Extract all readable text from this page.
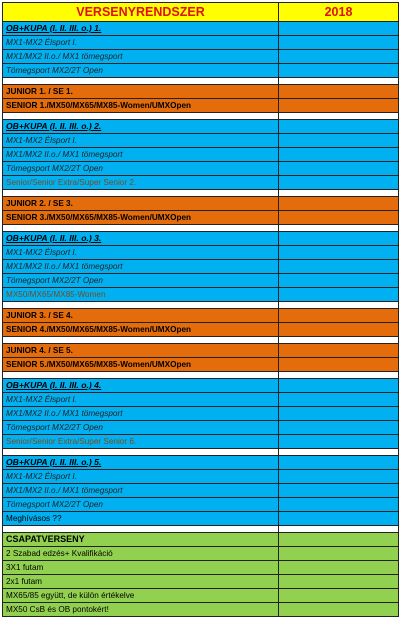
VERSENYRENDSZER	2018
OB+KUPA (I. II. III. o.) 1.	
MX1-MX2 Élsport I.	
MX1/MX2 II.o./ MX1 tömegsport	
Tömegsport MX2/2T Open	

JUNIOR 1. / SE 1.	
SENIOR 1./MX50/MX65/MX85-Women/UMXOpen	

OB+KUPA (I. II. III. o.) 2.	
MX1-MX2 Élsport I.	
MX1/MX2 II.o./ MX1 tömegsport	
Tömegsport MX2/2T Open	
Senior/Senior Extra/Super Senior 2.	

JUNIOR 2. / SE 3.	
SENIOR 3./MX50/MX65/MX85-Women/UMXOpen	

OB+KUPA (I. II. III. o.) 3.	
MX1-MX2 Élsport I.	
MX1/MX2 II.o./ MX1 tömegsport	
Tömegsport MX2/2T Open	
MX50/MX65/MX85-Women	

JUNIOR 3. / SE 4.	
SENIOR 4./MX50/MX65/MX85-Women/UMXOpen	

JUNIOR 4. / SE 5.	
SENIOR 5./MX50/MX65/MX85-Women/UMXOpen	

OB+KUPA (I. II. III. o.) 4.	
MX1-MX2 Élsport I.	
MX1/MX2 II.o./ MX1 tömegsport	
Tömegsport MX2/2T Open	
Senior/Senior Extra/Super Senior 6.	

OB+KUPA (I. II. III. o.) 5.	
MX1-MX2 Élsport I.	
MX1/MX2 II.o./ MX1 tömegsport	
Tömegsport MX2/2T Open	
Meghívásos ??	

CSAPATVERSENY	
2 Szabad edzés+ Kvalifikáció	
3X1 futam	
2x1 futam	
MX65/85 együtt, de külön értékelve	
MX50 CsB és OB pontokért!	
